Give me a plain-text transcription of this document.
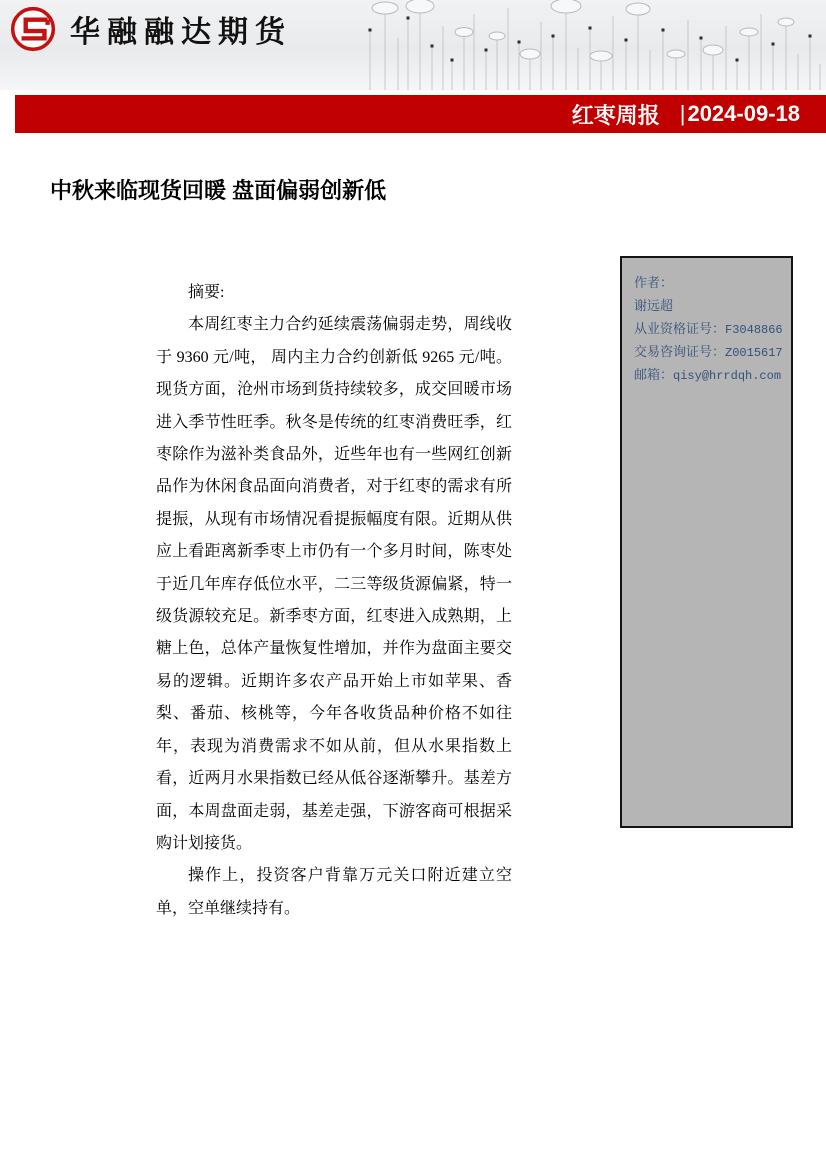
华融融达期货
红枣周报 | 2024-09-18
中秋来临现货回暖 盘面偏弱创新低

摘要:

本周红枣主力合约延续震荡偏弱走势，周线收于 9360 元/吨， 周内主力合约创新低 9265 元/吨。现货方面，沧州市场到货持续较多，成交回暖市场进入季节性旺季。秋冬是传统的红枣消费旺季，红枣除作为滋补类食品外，近些年也有一些网红创新品作为休闲食品面向消费者，对于红枣的需求有所提振，从现有市场情况看提振幅度有限。近期从供应上看距离新季枣上市仍有一个多月时间，陈枣处于近几年库存低位水平，二三等级货源偏紧，特一级货源较充足。新季枣方面，红枣进入成熟期，上糖上色，总体产量恢复性增加，并作为盘面主要交易的逻辑。近期许多农产品开始上市如苹果、香梨、番茄、核桃等，今年各收货品种价格不如往年，表现为消费需求不如从前，但从水果指数上看，近两月水果指数已经从低谷逐渐攀升。基差方面，本周盘面走弱，基差走强，下游客商可根据采购计划接货。

操作上，投资客户背靠万元关口附近建立空单，空单继续持有。

作者：
谢远超
从业资格证号：F3048866
交易咨询证号：Z0015617
邮箱：qisy@hrrdqh.com
